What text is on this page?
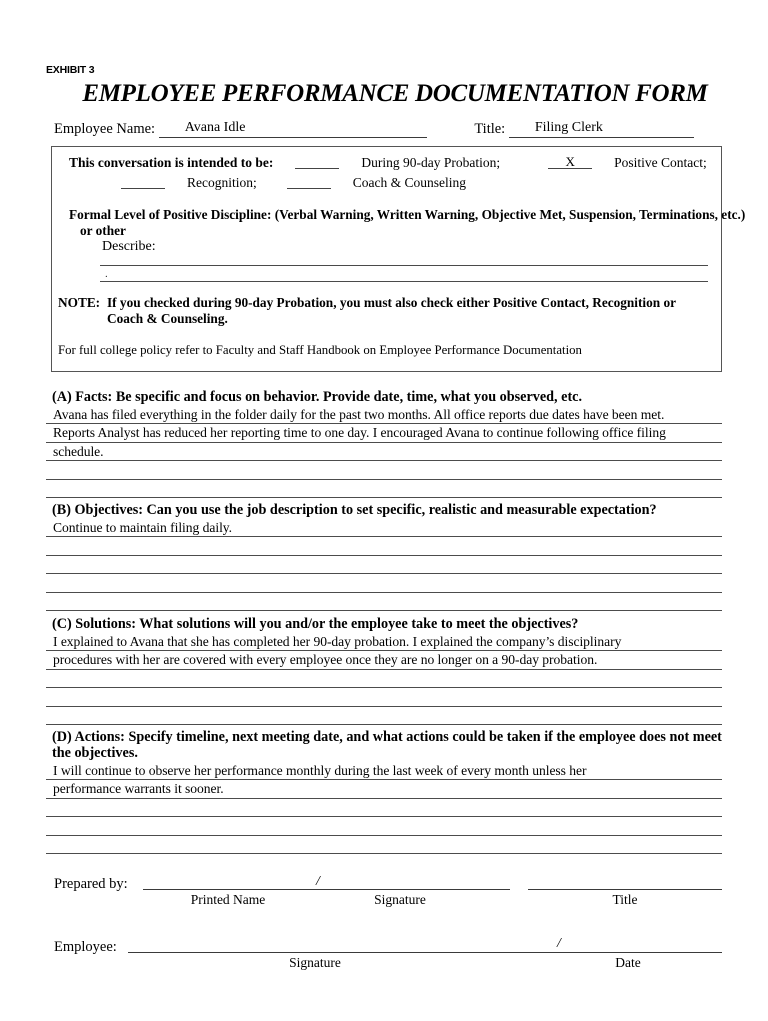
EXHIBIT 3
EMPLOYEE PERFORMANCE DOCUMENTATION FORM
Employee Name:	Avana Idle	Title:	Filing Clerk
This conversation is intended to be:	During 90-day Probation;	X	Positive Contact;
Recognition;	Coach & Counseling
Formal Level of Positive Discipline: (Verbal Warning, Written Warning, Objective Met, Suspension, Terminations, etc.)
or other
Describe:
.
NOTE: If you checked during 90-day Probation, you must also check either Positive Contact, Recognition or Coach & Counseling.
For full college policy refer to Faculty and Staff Handbook on Employee Performance Documentation
(A) Facts: Be specific and focus on behavior. Provide date, time, what you observed, etc.
Avana has filed everything in the folder daily for the past two months. All office reports due dates have been met.
Reports Analyst has reduced her reporting time to one day. I encouraged Avana to continue following office filing
schedule.
(B) Objectives: Can you use the job description to set specific, realistic and measurable expectation?
Continue to maintain filing daily.
(C) Solutions: What solutions will you and/or the employee take to meet the objectives?
I explained to Avana that she has completed her 90-day probation. I explained the company’s disciplinary
procedures with her are covered with every employee once they are no longer on a 90-day probation.
(D) Actions: Specify timeline, next meeting date, and what actions could be taken if the employee does not meet the objectives.
I will continue to observe her performance monthly during the last week of every month unless her
performance warrants it sooner.
Prepared by:	/
Printed Name	Signature	Title
Employee:	/
Signature	Date
